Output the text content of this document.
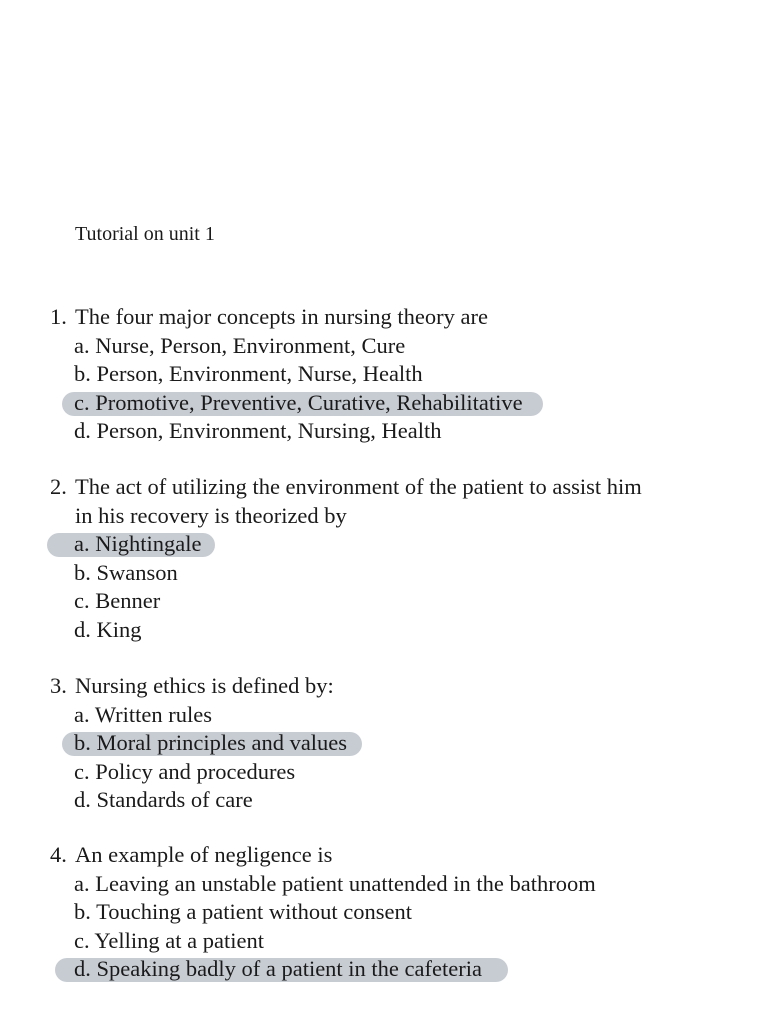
Tutorial on unit 1
1. The four major concepts in nursing theory are
a. Nurse, Person, Environment, Cure
b. Person, Environment, Nurse, Health
c. Promotive, Preventive, Curative, Rehabilitative
d. Person, Environment, Nursing, Health
2. The act of utilizing the environment of the patient to assist him
in his recovery is theorized by
a. Nightingale
b. Swanson
c. Benner
d. King
3. Nursing ethics is defined by:
a. Written rules
b. Moral principles and values
c. Policy and procedures
d. Standards of care
4. An example of negligence is
a. Leaving an unstable patient unattended in the bathroom
b. Touching a patient without consent
c. Yelling at a patient
d. Speaking badly of a patient in the cafeteria
